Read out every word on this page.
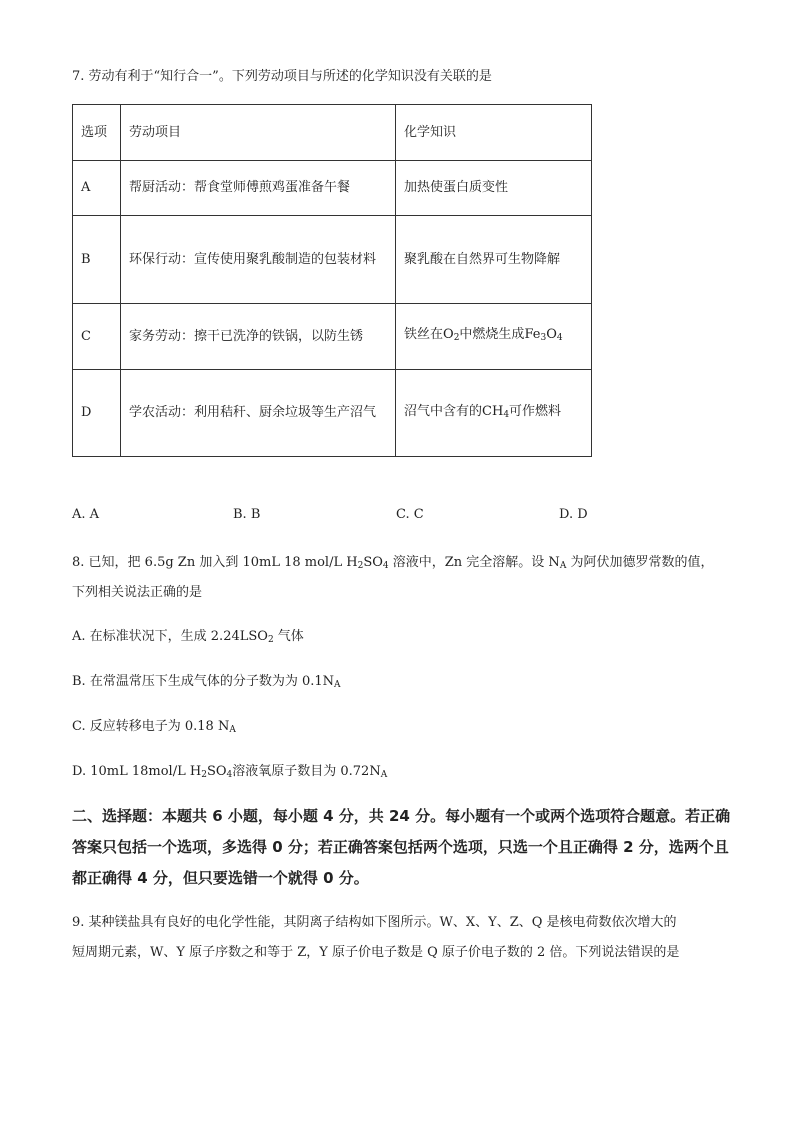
7. 劳动有利于“知行合一”。下列劳动项目与所述的化学知识没有关联的是
选项	劳动项目	化学知识
A	帮厨活动：帮食堂师傅煎鸡蛋准备午餐	加热使蛋白质变性
B	环保行动：宣传使用聚乳酸制造的包装材料	聚乳酸在自然界可生物降解
C	家务劳动：擦干已洗净的铁锅，以防生锈	铁丝在$O_2$中燃烧生成$Fe_3O_4$
D	学农活动：利用秸秆、厨余垃圾等生产沼气	沼气中含有的$CH_4$可作燃料
A. A	B. B	C. C	D. D
8. 已知，把 6.5g Zn 加入到 10mL 18 mol/L $H_2SO_4$ 溶液中，Zn 完全溶解。设 $N_A$ 为阿伏加德罗常数的值，
下列相关说法正确的是
A. 在标准状况下，生成 $2.24LSO_2$ 气体
B. 在常温常压下生成气体的分子数为为 $0.1N_A$
C. 反应转移电子为 0.18 $N_A$
D. 10mL 18mol/L $H_2SO_4$溶液氧原子数目为 $0.72N_A$
二、选择题：本题共 6 小题，每小题 4 分，共 24 分。每小题有一个或两个选项符合题意。若正确答案只包括一个选项，多选得 0 分；若正确答案包括两个选项，只选一个且正确得 2 分，选两个且都正确得 4 分，但只要选错一个就得 0 分。
9. 某种镁盐具有良好的电化学性能，其阴离子结构如下图所示。W、X、Y、Z、Q 是核电荷数依次增大的
短周期元素，W、Y 原子序数之和等于 Z，Y 原子价电子数是 Q 原子价电子数的 2 倍。下列说法错误的是
